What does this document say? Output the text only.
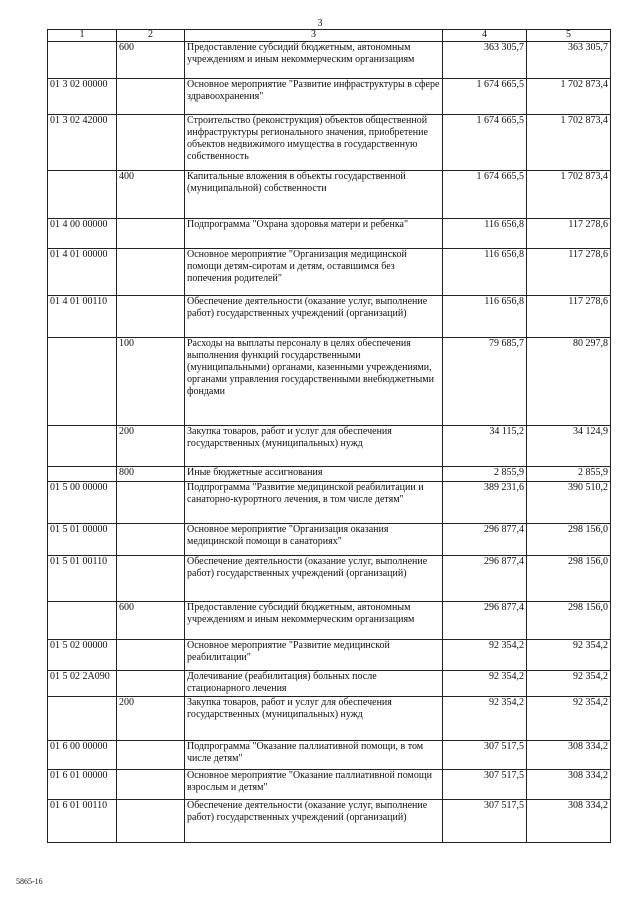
3
1	2	3	4	5
	600	Предоставление субсидий бюджетным, автономным учреждениям и иным некоммерческим организациям	363 305,7	363 305,7
01 3 02 00000		Основное мероприятие "Развитие инфраструктуры в сфере здравоохранения"	1 674 665,5	1 702 873,4
01 3 02 42000		Строительство (реконструкция) объектов общественной инфраструктуры регионального значения, приобретение объектов недвижимого имущества в государственную собственность	1 674 665,5	1 702 873,4
	400	Капитальные вложения в объекты государственной (муниципальной) собственности	1 674 665,5	1 702 873,4
01 4 00 00000		Подпрограмма "Охрана здоровья матери и ребенка"	116 656,8	117 278,6
01 4 01 00000		Основное мероприятие "Организация медицинской помощи детям-сиротам и детям, оставшимся без попечения родителей"	116 656,8	117 278,6
01 4 01 00110		Обеспечение деятельности (оказание услуг, выполнение работ) государственных учреждений (организаций)	116 656,8	117 278,6
	100	Расходы на выплаты персоналу в целях обеспечения выполнения функций государственными (муниципальными) органами, казенными учреждениями, органами управления государственными внебюджетными фондами	79 685,7	80 297,8
	200	Закупка товаров, работ и услуг для обеспечения государственных (муниципальных) нужд	34 115,2	34 124,9
	800	Иные бюджетные ассигнования	2 855,9	2 855,9
01 5 00 00000		Подпрограмма "Развитие медицинской реабилитации и санаторно-курортного лечения, в том числе детям"	389 231,6	390 510,2
01 5 01 00000		Основное мероприятие "Организация оказания медицинской помощи в санаториях"	296 877,4	298 156,0
01 5 01 00110		Обеспечение деятельности (оказание услуг, выполнение работ) государственных учреждений (организаций)	296 877,4	298 156,0
	600	Предоставление субсидий бюджетным, автономным учреждениям и иным некоммерческим организациям	296 877,4	298 156,0
01 5 02 00000		Основное мероприятие "Развитие медицинской реабилитации"	92 354,2	92 354,2
01 5 02 2А090		Долечивание (реабилитация) больных после стационарного лечения	92 354,2	92 354,2
	200	Закупка товаров, работ и услуг для обеспечения государственных (муниципальных) нужд	92 354,2	92 354,2
01 6 00 00000		Подпрограмма "Оказание паллиативной помощи, в том числе детям"	307 517,5	308 334,2
01 6 01 00000		Основное мероприятие "Оказание паллиативной помощи взрослым и детям"	307 517,5	308 334,2
01 6 01 00110		Обеспечение деятельности (оказание услуг, выполнение работ) государственных учреждений (организаций)	307 517,5	308 334,2
5865-16
